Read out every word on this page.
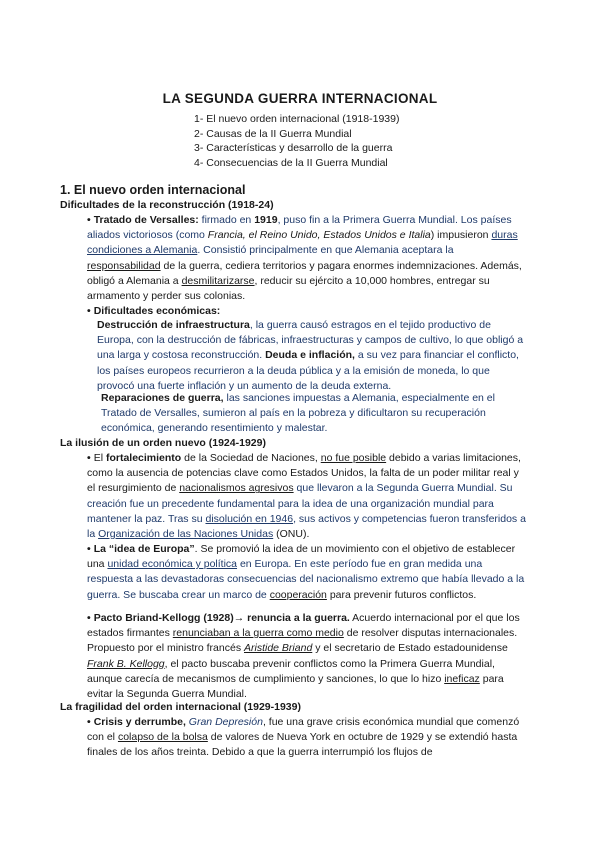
LA SEGUNDA GUERRA INTERNACIONAL
1- El nuevo orden internacional (1918-1939)
2- Causas de la II Guerra Mundial
3- Características y desarrollo de la guerra
4- Consecuencias de la II Guerra Mundial
1. El nuevo orden internacional
Dificultades de la reconstrucción (1918-24)
• Tratado de Versalles: firmado en 1919, puso fin a la Primera Guerra Mundial. Los países aliados victoriosos (como Francia, el Reino Unido, Estados Unidos e Italia) impusieron duras condiciones a Alemania. Consistió principalmente en que Alemania aceptara la responsabilidad de la guerra, cediera territorios y pagara enormes indemnizaciones. Además, obligó a Alemania a desmilitarizarse, reducir su ejército a 10,000 hombres, entregar su armamento y perder sus colonias.
• Dificultades económicas:
Destrucción de infraestructura, la guerra causó estragos en el tejido productivo de Europa, con la destrucción de fábricas, infraestructuras y campos de cultivo, lo que obligó a una larga y costosa reconstrucción. Deuda e inflación, a su vez para financiar el conflicto, los países europeos recurrieron a la deuda pública y a la emisión de moneda, lo que provocó una fuerte inflación y un aumento de la deuda externa.
Reparaciones de guerra, las sanciones impuestas a Alemania, especialmente en el Tratado de Versalles, sumieron al país en la pobreza y dificultaron su recuperación económica, generando resentimiento y malestar.
La ilusión de un orden nuevo (1924-1929)
• El fortalecimiento de la Sociedad de Naciones, no fue posible debido a varias limitaciones, como la ausencia de potencias clave como Estados Unidos, la falta de un poder militar real y el resurgimiento de nacionalismos agresivos que llevaron a la Segunda Guerra Mundial. Su creación fue un precedente fundamental para la idea de una organización mundial para mantener la paz. Tras su disolución en 1946, sus activos y competencias fueron transferidos a la Organización de las Naciones Unidas (ONU).
• La “idea de Europa”. Se promovió la idea de un movimiento con el objetivo de establecer una unidad económica y política en Europa. En este período fue en gran medida una respuesta a las devastadoras consecuencias del nacionalismo extremo que había llevado a la guerra. Se buscaba crear un marco de cooperación para prevenir futuros conflictos.
• Pacto Briand-Kellogg (1928)→ renuncia a la guerra. Acuerdo internacional por el que los estados firmantes renunciaban a la guerra como medio de resolver disputas internacionales. Propuesto por el ministro francés Aristide Briand y el secretario de Estado estadounidense Frank B. Kellogg, el pacto buscaba prevenir conflictos como la Primera Guerra Mundial, aunque carecía de mecanismos de cumplimiento y sanciones, lo que lo hizo ineficaz para evitar la Segunda Guerra Mundial.
La fragilidad del orden internacional (1929-1939)
• Crisis y derrumbe, Gran Depresión, fue una grave crisis económica mundial que comenzó con el colapso de la bolsa de valores de Nueva York en octubre de 1929 y se extendió hasta finales de los años treinta. Debido a que la guerra interrumpió los flujos de
